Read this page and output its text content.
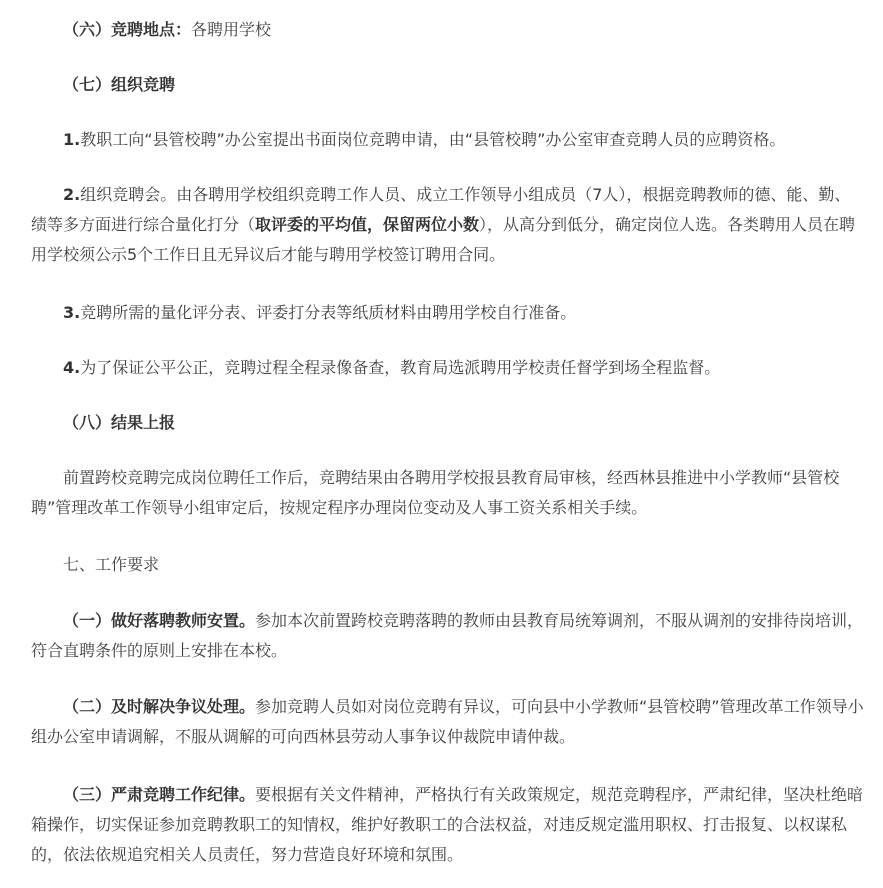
（六）竞聘地点：各聘用学校

（七）组织竞聘

1.教职工向“县管校聘”办公室提出书面岗位竞聘申请，由“县管校聘”办公室审查竞聘人员的应聘资格。

2.组织竞聘会。由各聘用学校组织竞聘工作人员、成立工作领导小组成员（7人），根据竞聘教师的德、能、勤、绩等多方面进行综合量化打分（取评委的平均值，保留两位小数），从高分到低分，确定岗位人选。各类聘用人员在聘用学校须公示5个工作日且无异议后才能与聘用学校签订聘用合同。

3.竞聘所需的量化评分表、评委打分表等纸质材料由聘用学校自行准备。

4.为了保证公平公正，竞聘过程全程录像备查，教育局选派聘用学校责任督学到场全程监督。

（八）结果上报

前置跨校竞聘完成岗位聘任工作后，竞聘结果由各聘用学校报县教育局审核，经西林县推进中小学教师“县管校聘”管理改革工作领导小组审定后，按规定程序办理岗位变动及人事工资关系相关手续。

七、工作要求

（一）做好落聘教师安置。参加本次前置跨校竞聘落聘的教师由县教育局统筹调剂，不服从调剂的安排待岗培训，符合直聘条件的原则上安排在本校。

（二）及时解决争议处理。参加竞聘人员如对岗位竞聘有异议，可向县中小学教师“县管校聘”管理改革工作领导小组办公室申请调解，不服从调解的可向西林县劳动人事争议仲裁院申请仲裁。

（三）严肃竞聘工作纪律。要根据有关文件精神，严格执行有关政策规定，规范竞聘程序，严肃纪律，坚决杜绝暗箱操作，切实保证参加竞聘教职工的知情权，维护好教职工的合法权益，对违反规定滥用职权、打击报复、以权谋私的，依法依规追究相关人员责任，努力营造良好环境和氛围。
